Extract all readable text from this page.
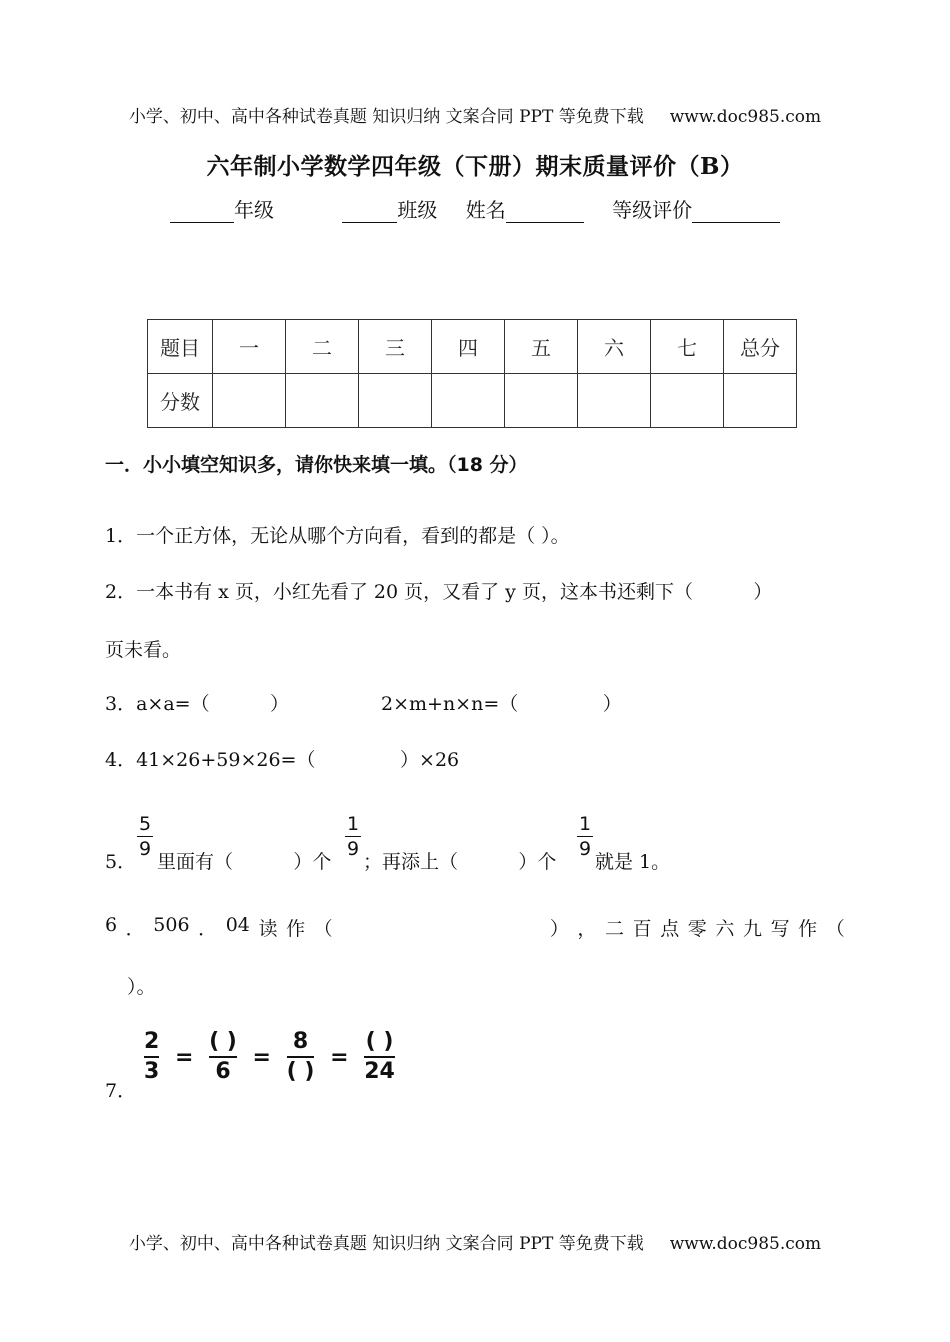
小学、初中、高中各种试卷真题 知识归纳 文案合同 PPT 等免费下载 www.doc985.com
六年制小学数学四年级（下册）期末质量评价（B）
年级	班级 姓名	等级评价
题目	一	二	三	四	五	六	七	总分
分数								
一．小小填空知识多，请你快来填一填。（18 分）
1．一个正方体，无论从哪个方向看，看到的都是（ ）。
2．一本书有 x 页，小红先看了 20 页，又看了 y 页，这本书还剩下（          ）
页未看。
3．a×a=（          ）	2×m+n×n=（              ）
4．41×26+59×26=（              ）×26
5．
5
9
里面有（          ）个
1
9
；再添上（          ）个
1
9
就是 1。
6 ． 506 ． 04 读 作 （	） ， 二 百 点 零 六 九 写 作 （
）。
7．
$\frac{2}{3}$ =
( )
6
=
8
( )
=
( )
24
小学、初中、高中各种试卷真题 知识归纳 文案合同 PPT 等免费下载 www.doc985.com
